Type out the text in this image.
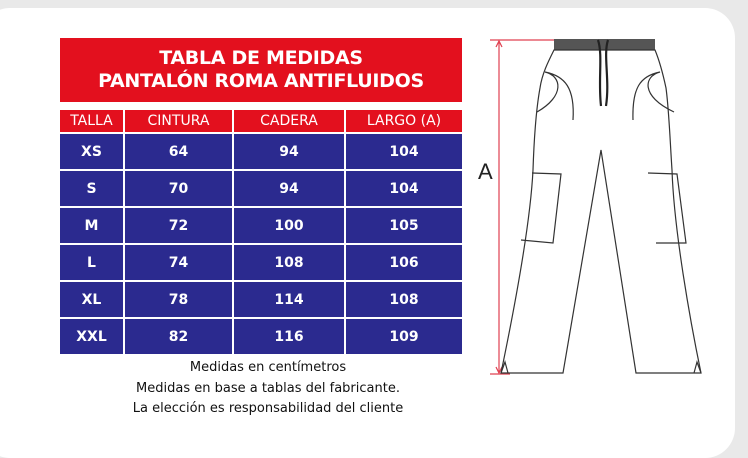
TABLA DE MEDIDAS
PANTALÓN ROMA ANTIFLUIDOS
TALLA	CINTURA	CADERA	LARGO (A)
XS	64	94	104
S	70	94	104
M	72	100	105
L	74	108	106
XL	78	114	108
XXL	82	116	109
Medidas en centímetros
Medidas en base a tablas del fabricante.
La elección es responsabilidad del cliente
A
